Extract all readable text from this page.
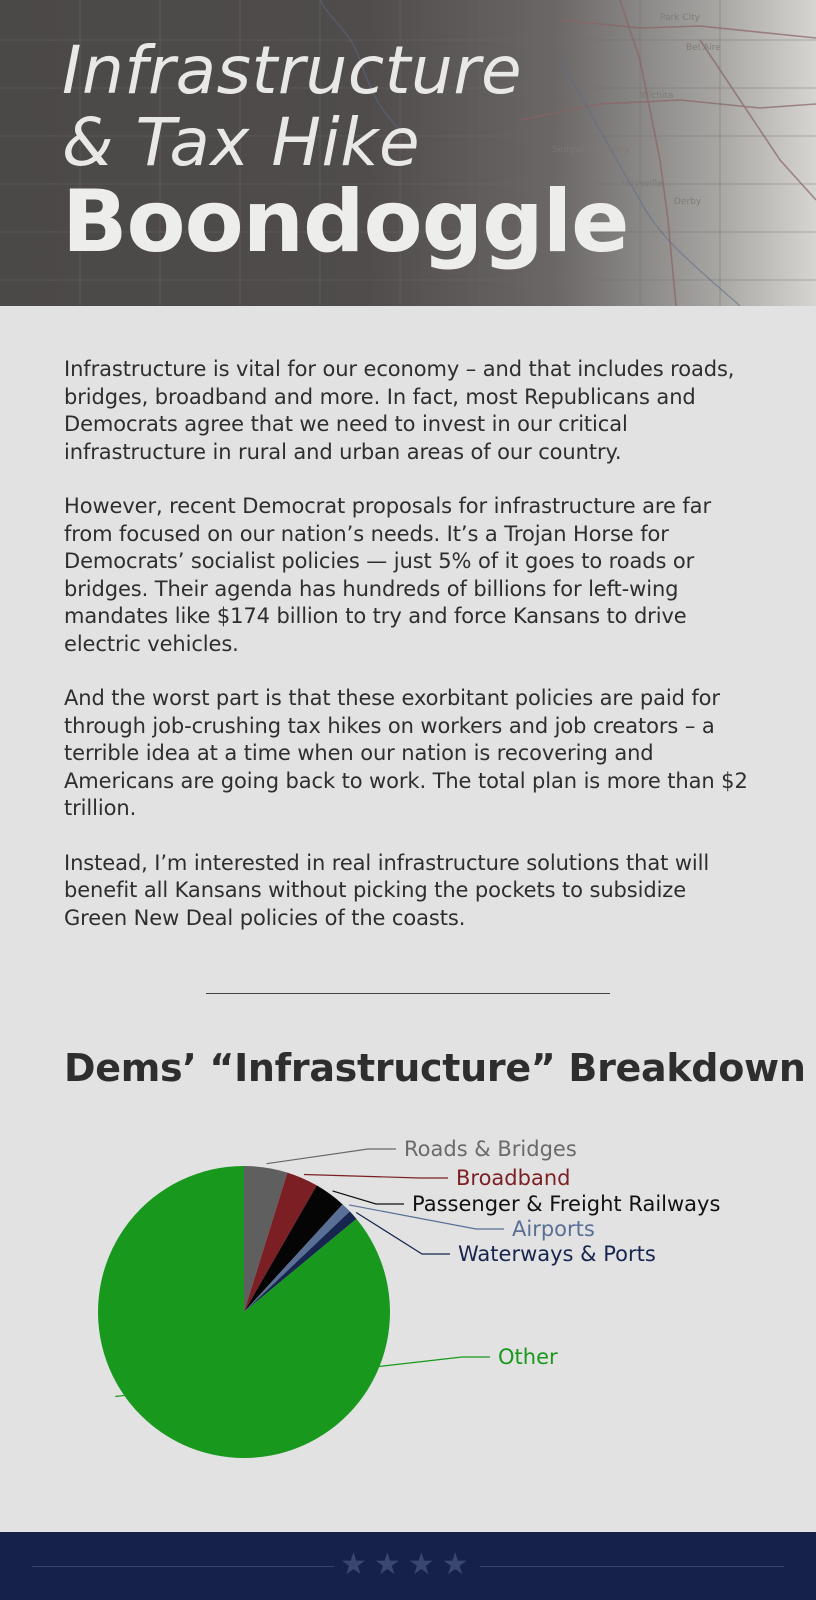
Park City
Bel Aire
Wichita
Sedgwick County
Haysville
Derby
KS 96
Infrastructure
& Tax Hike
Boondoggle

Infrastructure is vital for our economy – and that includes roads, bridges, broadband and more. In fact, most Republicans and Democrats agree that we need to invest in our critical infrastructure in rural and urban areas of our country.

However, recent Democrat proposals for infrastructure are far from focused on our nation’s needs. It’s a Trojan Horse for Democrats’ socialist policies — just 5% of it goes to roads or bridges. Their agenda has hundreds of billions for left-wing mandates like $174 billion to try and force Kansans to drive electric vehicles.

And the worst part is that these exorbitant policies are paid for through job-crushing tax hikes on workers and job creators – a terrible idea at a time when our nation is recovering and Americans are going back to work. The total plan is more than $2 trillion.

Instead, I’m interested in real infrastructure solutions that will benefit all Kansans without picking the pockets to subsidize Green New Deal policies of the coasts.

Dems’ “Infrastructure” Breakdown
Roads & Bridges
Broadband
Passenger & Freight Railways
Airports
Waterways & Ports
Other
★ ★ ★ ★
